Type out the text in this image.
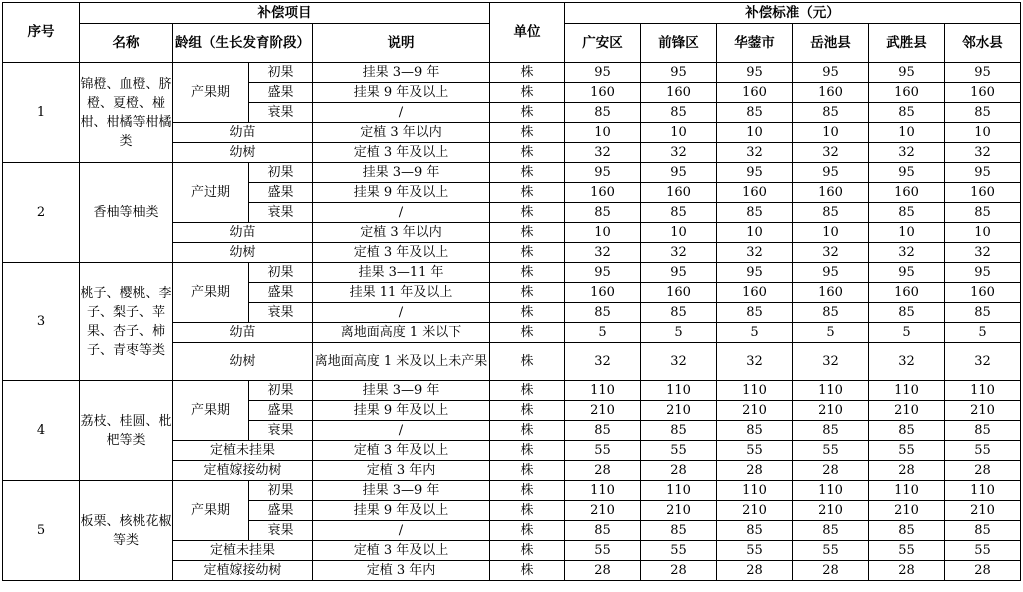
序号	补偿项目				单位	补偿标准（元）					
	名称	龄组（生长发育阶段）		说明		广安区	前锋区	华蓥市	岳池县	武胜县	邻水县
1	锦橙、血橙、脐橙、夏橙、椪柑、柑橘等柑橘类	产果期	初果	挂果 3—9 年	株	95	95	95	95	95	95
			盛果	挂果 9 年及以上	株	160	160	160	160	160	160
			衰果	/	株	85	85	85	85	85	85
		幼苗		定植 3 年以内	株	10	10	10	10	10	10
		幼树		定植 3 年及以上	株	32	32	32	32	32	32
2	香柚等柚类	产过期	初果	挂果 3—9 年	株	95	95	95	95	95	95
			盛果	挂果 9 年及以上	株	160	160	160	160	160	160
			衰果	/	株	85	85	85	85	85	85
		幼苗		定植 3 年以内	株	10	10	10	10	10	10
		幼树		定植 3 年及以上	株	32	32	32	32	32	32
3	桃子、樱桃、李子、梨子、苹果、杏子、柿子、青枣等类	产果期	初果	挂果 3—11 年	株	95	95	95	95	95	95
			盛果	挂果 11 年及以上	株	160	160	160	160	160	160
			衰果	/	株	85	85	85	85	85	85
		幼苗		离地面高度 1 米以下	株	5	5	5	5	5	5
		幼树		离地面高度 1 米及以上未产果	株	32	32	32	32	32	32
4	荔枝、桂圆、枇杷等类	产果期	初果	挂果 3—9 年	株	110	110	110	110	110	110
			盛果	挂果 9 年及以上	株	210	210	210	210	210	210
			衰果	/	株	85	85	85	85	85	85
		定植未挂果		定植 3 年及以上	株	55	55	55	55	55	55
		定植嫁接幼树		定植 3 年内	株	28	28	28	28	28	28
5	板栗、核桃花椒等类	产果期	初果	挂果 3—9 年	株	110	110	110	110	110	110
			盛果	挂果 9 年及以上	株	210	210	210	210	210	210
			衰果	/	株	85	85	85	85	85	85
		定植未挂果		定植 3 年及以上	株	55	55	55	55	55	55
		定植嫁接幼树		定植 3 年内	株	28	28	28	28	28	28
